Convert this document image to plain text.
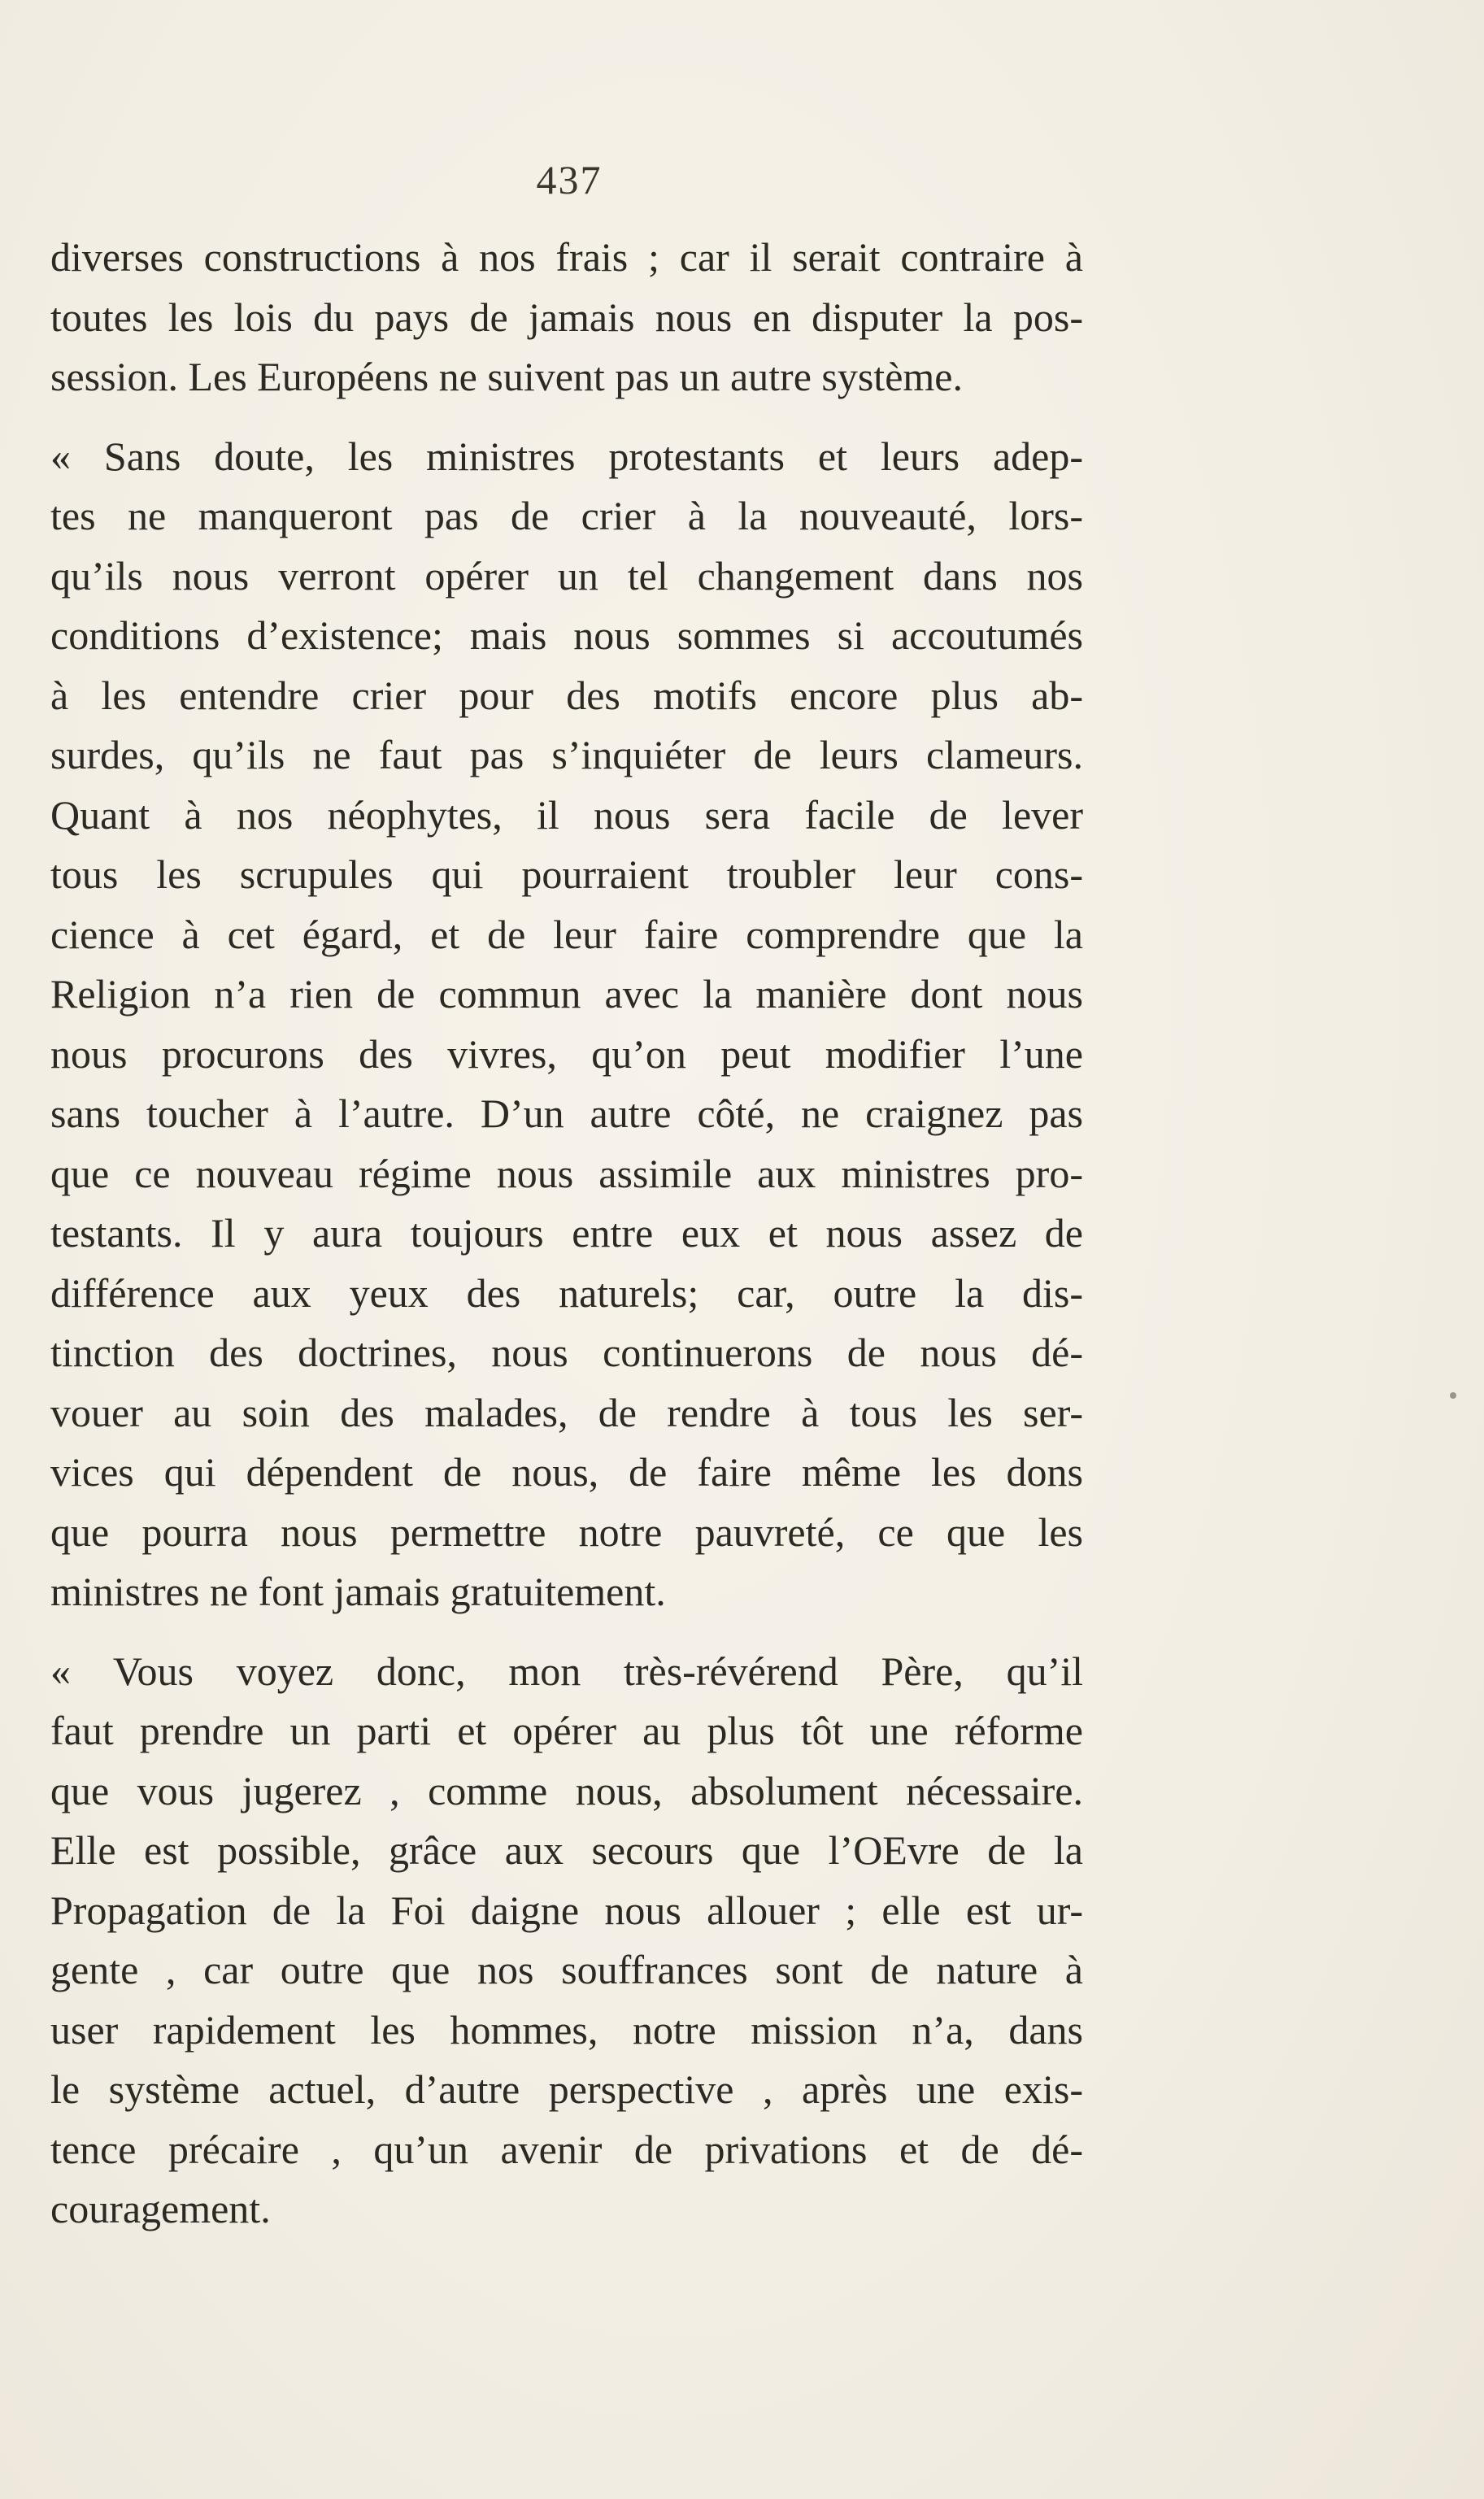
437

diverses constructions à nos frais ; car il serait contraire à
toutes les lois du pays de jamais nous en disputer la pos-
session. Les Européens ne suivent pas un autre système.

« Sans doute, les ministres protestants et leurs adep-
tes ne manqueront pas de crier à la nouveauté, lors-
qu’ils nous verront opérer un tel changement dans nos
conditions d’existence; mais nous sommes si accoutumés
à les entendre crier pour des motifs encore plus ab-
surdes, qu’ils ne faut pas s’inquiéter de leurs clameurs.
Quant à nos néophytes, il nous sera facile de lever
tous les scrupules qui pourraient troubler leur cons-
cience à cet égard, et de leur faire comprendre que la
Religion n’a rien de commun avec la manière dont nous
nous procurons des vivres, qu’on peut modifier l’une
sans toucher à l’autre. D’un autre côté, ne craignez pas
que ce nouveau régime nous assimile aux ministres pro-
testants. Il y aura toujours entre eux et nous assez de
différence aux yeux des naturels; car, outre la dis-
tinction des doctrines, nous continuerons de nous dé-
vouer au soin des malades, de rendre à tous les ser-
vices qui dépendent de nous, de faire même les dons
que pourra nous permettre notre pauvreté, ce que les
ministres ne font jamais gratuitement.

« Vous voyez donc, mon très-révérend Père, qu’il
faut prendre un parti et opérer au plus tôt une réforme
que vous jugerez , comme nous, absolument nécessaire.
Elle est possible, grâce aux secours que l’OEvre de la
Propagation de la Foi daigne nous allouer ; elle est ur-
gente , car outre que nos souffrances sont de nature à
user rapidement les hommes, notre mission n’a, dans
le système actuel, d’autre perspective , après une exis-
tence précaire , qu’un avenir de privations et de dé-
couragement.
